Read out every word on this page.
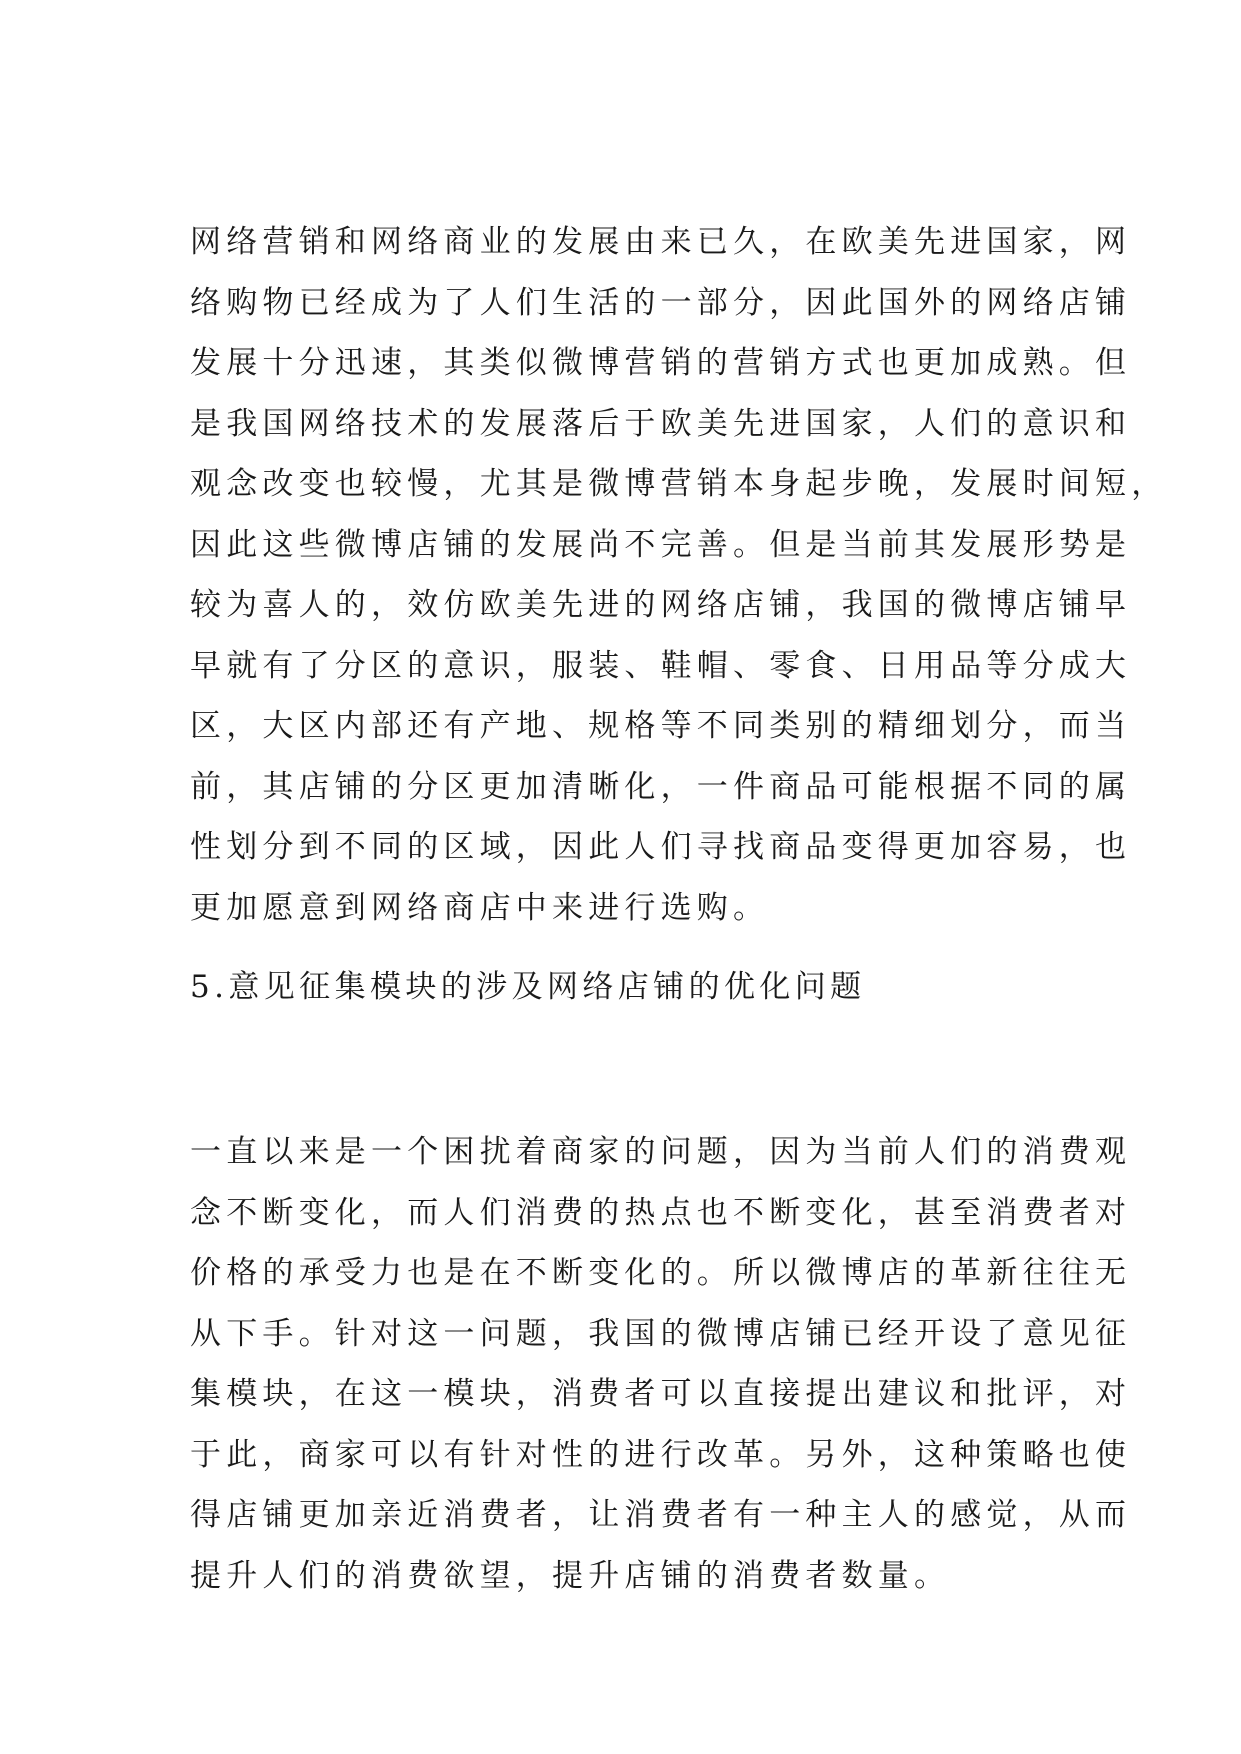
网络营销和网络商业的发展由来已久，在欧美先进国家，网
络购物已经成为了人们生活的一部分，因此国外的网络店铺
发展十分迅速，其类似微博营销的营销方式也更加成熟。但
是我国网络技术的发展落后于欧美先进国家，人们的意识和
观念改变也较慢，尤其是微博营销本身起步晚，发展时间短，
因此这些微博店铺的发展尚不完善。但是当前其发展形势是
较为喜人的，效仿欧美先进的网络店铺，我国的微博店铺早
早就有了分区的意识，服装、鞋帽、零食、日用品等分成大
区，大区内部还有产地、规格等不同类别的精细划分，而当
前，其店铺的分区更加清晰化，一件商品可能根据不同的属
性划分到不同的区域，因此人们寻找商品变得更加容易，也
更加愿意到网络商店中来进行选购。

5.意见征集模块的涉及网络店铺的优化问题

一直以来是一个困扰着商家的问题，因为当前人们的消费观
念不断变化，而人们消费的热点也不断变化，甚至消费者对
价格的承受力也是在不断变化的。所以微博店的革新往往无
从下手。针对这一问题，我国的微博店铺已经开设了意见征
集模块，在这一模块，消费者可以直接提出建议和批评，对
于此，商家可以有针对性的进行改革。另外，这种策略也使
得店铺更加亲近消费者，让消费者有一种主人的感觉，从而
提升人们的消费欲望，提升店铺的消费者数量。
